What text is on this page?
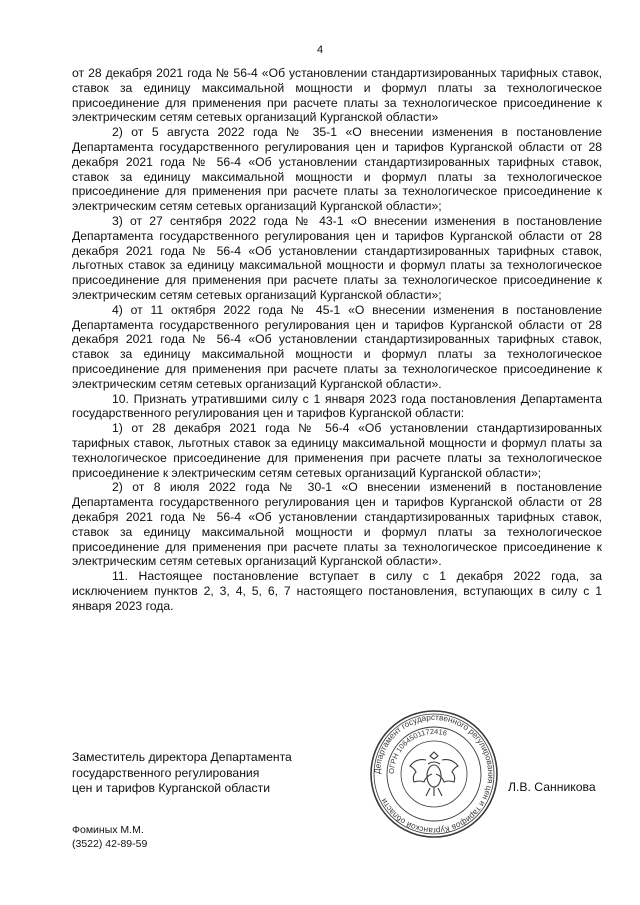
4

от 28 декабря 2021 года № 56-4 «Об установлении стандартизированных тарифных ставок, ставок за единицу максимальной мощности и формул платы за технологическое присоединение для применения при расчете платы за технологическое присоединение к электрическим сетям сетевых организаций Курганской области»

2) от 5 августа 2022 года № 35-1 «О внесении изменения в постановление Департамента государственного регулирования цен и тарифов Курганской области от 28 декабря 2021 года № 56-4 «Об установлении стандартизированных тарифных ставок, ставок за единицу максимальной мощности и формул платы за технологическое присоединение для применения при расчете платы за технологическое присоединение к электрическим сетям сетевых организаций Курганской области»;

3) от 27 сентября 2022 года № 43-1 «О внесении изменения в постановление Департамента государственного регулирования цен и тарифов Курганской области от 28 декабря 2021 года № 56-4 «Об установлении стандартизированных тарифных ставок, льготных ставок за единицу максимальной мощности и формул платы за технологическое присоединение для применения при расчете платы за технологическое присоединение к электрическим сетям сетевых организаций Курганской области»;

4) от 11 октября 2022 года № 45-1 «О внесении изменения в постановление Департамента государственного регулирования цен и тарифов Курганской области от 28 декабря 2021 года № 56-4 «Об установлении стандартизированных тарифных ставок, ставок за единицу максимальной мощности и формул платы за технологическое присоединение для применения при расчете платы за технологическое присоединение к электрическим сетям сетевых организаций Курганской области».

10. Признать утратившими силу с 1 января 2023 года постановления Департамента государственного регулирования цен и тарифов Курганской области:

1) от 28 декабря 2021 года № 56-4 «Об установлении стандартизированных тарифных ставок, льготных ставок за единицу максимальной мощности и формул платы за технологическое присоединение для применения при расчете платы за технологическое присоединение к электрическим сетям сетевых организаций Курганской области»;

2) от 8 июля 2022 года № 30-1 «О внесении изменений в постановление Департамента государственного регулирования цен и тарифов Курганской области от 28 декабря 2021 года № 56-4 «Об установлении стандартизированных тарифных ставок, ставок за единицу максимальной мощности и формул платы за технологическое присоединение для применения при расчете платы за технологическое присоединение к электрическим сетям сетевых организаций Курганской области».

11. Настоящее постановление вступает в силу с 1 декабря 2022 года, за исключением пунктов 2, 3, 4, 5, 6, 7 настоящего постановления, вступающих в силу с 1 января 2023 года.

Заместитель директора Департамента
государственного регулирования
цен и тарифов Курганской области
Департамент государственного регулирования цен и тарифов Курганской области
ОГРН 1064501172416
Л.В. Санникова
Фоминых М.М.
(3522) 42-89-59
